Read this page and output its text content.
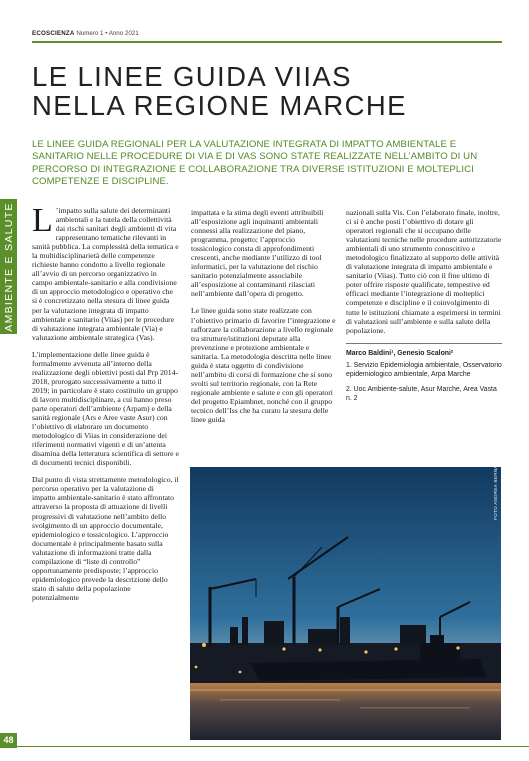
ECOSCIENZA Numero 1 • Anno 2021
LE LINEE GUIDA VIIAS
NELLA REGIONE MARCHE
LE LINEE GUIDA REGIONALI PER LA VALUTAZIONE INTEGRATA DI IMPATTO AMBIENTALE E SANITARIO NELLE PROCEDURE DI VIA E DI VAS SONO STATE REALIZZATE NELL’AMBITO DI UN PERCORSO DI INTEGRAZIONE E COLLABORAZIONE TRA DIVERSE ISTITUZIONI E MOLTEPLICI COMPETENZE E DISCIPLINE.
AMBIENTE E SALUTE L ’impatto sulla salute dei determinanti ambientali e la tutela della collettività dai rischi sanitari degli ambienti di vita rappresentano tematiche rilevanti in sanità pubblica. La complessità della tematica e la multidisciplinarietà delle competenze richieste hanno condotto a livello regionale all’avvio di un percorso organizzativo in campo ambientale-sanitario e alla condivisione di un approccio metodologico e operativo che si è concretizzato nella stesura di linee guida per la valutazione integrata di impatto ambientale e sanitario (Viias) per le procedure di valutazione integrata ambientale (Via) e valutazione ambientale strategica (Vas).

L’implementazione delle linee guida è formalmente avvenuta all’interno della realizzazione degli obiettivi posti dal Prp 2014-2018, prorogato successivamente a tutto il 2019; in particolare è stato costituito un gruppo di lavoro multidisciplinare, a cui hanno preso parte operatori dell’ambiente (Arpam) e della sanità regionale (Ars e Aree vaste Asur) con l’obiettivo di elaborare un documento metodologico di Viias in considerazione dei riferimenti normativi vigenti e di un’attenta disamina della letteratura scientifica di settore e di documenti tecnici disponibili.

Dal punto di vista strettamente metodologico, il percorso operativo per la valutazione di impatto ambientale-sanitario è stato affrontato attraverso la proposta di attuazione di livelli progressivi di valutazione nell’ambito dello svolgimento di un approccio documentale, epidemiologico e tossicologico. L’approccio documentale è principalmente basato sulla valutazione di informazioni tratte dalla compilazione di “liste di controllo” opportunamente predisposte; l’approccio epidemiologico prevede la descrizione dello stato di salute della popolazione potenzialmente

impattata e la stima degli eventi attribuibili all’esposizione agli inquinanti ambientali connessi alla realizzazione del piano, programma, progetto; l’approccio tossicologico consta di approfondimenti crescenti, anche mediante l’utilizzo di tool informatici, per la valutazione del rischio sanitario potenzialmente associabile all’esposizione ai contaminanti rilasciati nell’ambiente dall’opera di progetto.

Le linee guida sono state realizzate con l’obiettivo primario di favorire l’integrazione e rafforzare la collaborazione a livello regionale tra strutture/istituzioni deputate alla prevenzione e protezione ambientale e sanitaria. La metodologia descritta nelle linee guida è stata oggetto di condivisione nell’ambito di corsi di formazione che si sono svolti sul territorio regionale, con la Rete regionale ambiente e salute e con gli operatori del progetto Epiambnet, nonché con il gruppo tecnico dell’Iss che ha curato la stesura delle linee guida

nazionali sulla Vis. Con l’elaborato finale, inoltre, ci si è anche posti l’obiettivo di dotare gli operatori regionali che si occupano delle valutazioni tecniche nelle procedure autorizzatorie ambientali di uno strumento conoscitivo e metodologico finalizzato al supporto delle attività di valutazione integrata di impatto ambientale e sanitario (Viias). Tutto ciò con il fine ultimo di poter offrire risposte qualificate, tempestive ed efficaci mediante l’integrazione di molteplici competenze e discipline e il coinvolgimento di tutte le istituzioni chiamate a esprimersi in termini di valutazioni sull’ambiente e sulla salute della popolazione.

Marco Baldini¹, Genesio Scaloni²
1. Servizio Epidemiologia ambientale, Osservatorio epidemiologico ambientale, Arpa Marche
2. Uoc Ambiente-salute, Asur Marche, Area Vasta n. 2	FOTO ANDREA BERNACCHIA • ARCHIVIO • CC BY 4.0
48
